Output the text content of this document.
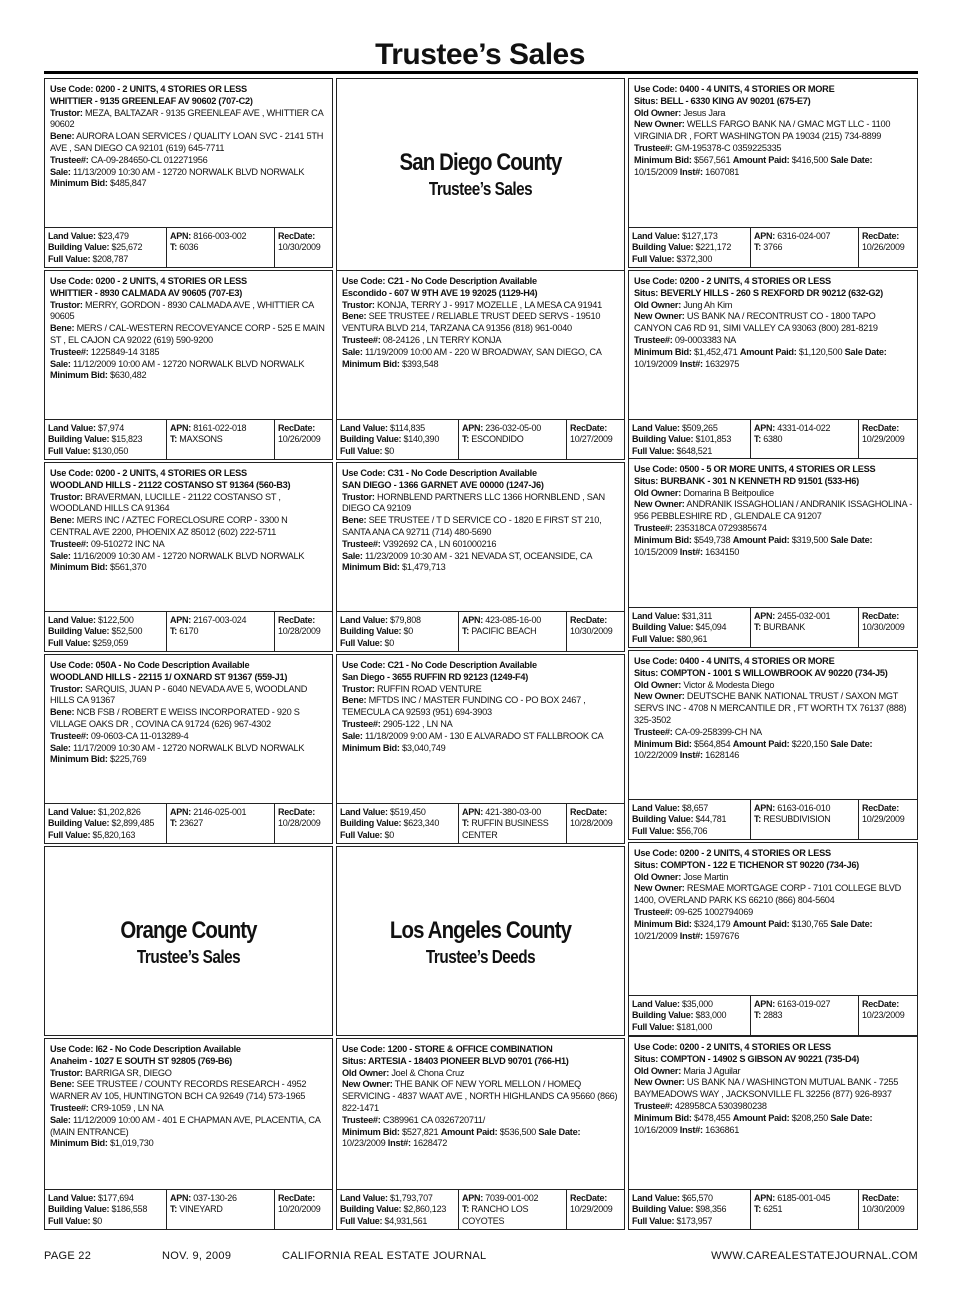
Trustee’s Sales
Use Code: 0200 - 2 UNITS, 4 STORIES OR LESS
WHITTIER - 9135 GREENLEAF AV 90602 (707-C2)
Trustor: MEZA, BALTAZAR - 9135 GREENLEAF AVE , WHITTIER CA 90602
Bene: AURORA LOAN SERVICES / QUALITY LOAN SVC - 2141 5TH AVE , SAN DIEGO CA 92101 (619) 645-7711
Trustee#: CA-09-284650-CL 012271956
Sale: 11/13/2009 10:30 AM - 12720 NORWALK BLVD NORWALK
Minimum Bid: $485,847
Land Value: $23,479
Building Value: $25,672
Full Value: $208,787
APN: 8166-003-002
T: 6036
RecDate:
10/30/2009
Use Code: 0200 - 2 UNITS, 4 STORIES OR LESS
WHITTIER - 8930 CALMADA AV 90605 (707-E3)
Trustor: MERRY, GORDON - 8930 CALMADA AVE , WHITTIER CA 90605
Bene: MERS / CAL-WESTERN RECOVEYANCE CORP - 525 E MAIN ST , EL CAJON CA 92022 (619) 590-9200
Trustee#: 1225849-14 3185
Sale: 11/12/2009 10:00 AM - 12720 NORWALK BLVD NORWALK
Minimum Bid: $630,482
Land Value: $7,974
Building Value: $15,823
Full Value: $130,050
APN: 8161-022-018
T: MAXSONS
RecDate:
10/26/2009
Use Code: 0200 - 2 UNITS, 4 STORIES OR LESS
WOODLAND HILLS - 21122 COSTANSO ST 91364 (560-B3)
Trustor: BRAVERMAN, LUCILLE - 21122 COSTANSO ST , WOODLAND HILLS CA 91364
Bene: MERS INC / AZTEC FORECLOSURE CORP - 3300 N CENTRAL AVE 2200, PHOENIX AZ 85012 (602) 222-5711
Trustee#: 09-510272 INC NA
Sale: 11/16/2009 10:30 AM - 12720 NORWALK BLVD NORWALK
Minimum Bid: $561,370
Land Value: $122,500
Building Value: $52,500
Full Value: $259,059
APN: 2167-003-024
T: 6170
RecDate:
10/28/2009
Use Code: 050A - No Code Description Available
WOODLAND HILLS - 22115 1/ OXNARD ST 91367 (559-J1)
Trustor: SARQUIS, JUAN P - 6040 NEVADA AVE 5, WOODLAND HILLS CA 91367
Bene: NCB FSB / ROBERT E WEISS INCORPORATED - 920 S VILLAGE OAKS DR , COVINA CA 91724 (626) 967-4302
Trustee#: 09-0603-CA 11-013289-4
Sale: 11/17/2009 10:30 AM - 12720 NORWALK BLVD NORWALK
Minimum Bid: $225,769
Land Value: $1,202,826
Building Value: $2,899,485
Full Value: $5,820,163
APN: 2146-025-001
T: 23627
RecDate:
10/28/2009
Orange County
Trustee’s Sales
Use Code: I62 - No Code Description Available
Anaheim - 1027 E SOUTH ST 92805 (769-B6)
Trustor: BARRIGA SR, DIEGO
Bene: SEE TRUSTEE / COUNTY RECORDS RESEARCH - 4952 WARNER AV 105, HUNTINGTON BCH CA 92649 (714) 573-1965
Trustee#: CR9-1059 , LN NA
Sale: 11/12/2009 10:00 AM - 401 E CHAPMAN AVE, PLACENTIA, CA (MAIN ENTRANCE)
Minimum Bid: $1,019,730
Land Value: $177,694
Building Value: $186,558
Full Value: $0
APN: 037-130-26
T: VINEYARD
RecDate:
10/20/2009
San Diego County
Trustee’s Sales
Use Code: C21 - No Code Description Available
Escondido - 607 W 9TH AVE 19 92025 (1129-H4)
Trustor: KONJA, TERRY J - 9917 MOZELLE , LA MESA CA 91941
Bene: SEE TRUSTEE / RELIABLE TRUST DEED SERVS - 19510 VENTURA BLVD 214, TARZANA CA 91356 (818) 961-0040
Trustee#: 08-24126 , LN TERRY KONJA
Sale: 11/19/2009 10:00 AM - 220 W BROADWAY, SAN DIEGO, CA
Minimum Bid: $393,548
Land Value: $114,835
Building Value: $140,390
Full Value: $0
APN: 236-032-05-00
T: ESCONDIDO
RecDate:
10/27/2009
Use Code: C31 - No Code Description Available
SAN DIEGO - 1366 GARNET AVE 00000 (1247-J6)
Trustor: HORNBLEND PARTNERS LLC 1366 HORNBLEND , SAN DIEGO CA 92109
Bene: SEE TRUSTEE / T D SERVICE CO - 1820 E FIRST ST 210, SANTA ANA CA 92711 (714) 480-5690
Trustee#: V392692 CA , LN 601000216
Sale: 11/23/2009 10:30 AM - 321 NEVADA ST, OCEANSIDE, CA
Minimum Bid: $1,479,713
Land Value: $79,808
Building Value: $0
Full Value: $0
APN: 423-085-16-00
T: PACIFIC BEACH
RecDate:
10/30/2009
Use Code: C21 - No Code Description Available
San Diego - 3655 RUFFIN RD 92123 (1249-F4)
Trustor: RUFFIN ROAD VENTURE
Bene: MFTDS INC / MASTER FUNDING CO - PO BOX 2467 , TEMECULA CA 92593 (951) 694-3903
Trustee#: 2905-122 , LN NA
Sale: 11/18/2009 9:00 AM - 130 E ALVARADO ST FALLBROOK CA
Minimum Bid: $3,040,749
Land Value: $519,450
Building Value: $623,340
Full Value: $0
APN: 421-380-03-00
T: RUFFIN BUSINESS CENTER
RecDate:
10/28/2009
Los Angeles County
Trustee’s Deeds
Use Code: 1200 - STORE & OFFICE COMBINATION
Situs: ARTESIA - 18403 PIONEER BLVD 90701 (766-H1)
Old Owner: Joel & Chona Cruz
New Owner: THE BANK OF NEW YORL MELLON / HOMEQ SERVICING - 4837 WAAT AVE , NORTH HIGHLANDS CA 95660 (866) 822-1471
Trustee#: C389961 CA 0326720711/
Minimum Bid: $527,821 Amount Paid: $536,500 Sale Date: 10/23/2009 Inst#: 1628472
Land Value: $1,793,707
Building Value: $2,860,123
Full Value: $4,931,561
APN: 7039-001-002
T: RANCHO LOS COYOTES
RecDate:
10/29/2009
Use Code: 0400 - 4 UNITS, 4 STORIES OR MORE
Situs: BELL - 6330 KING AV 90201 (675-E7)
Old Owner: Jesus Jara
New Owner: WELLS FARGO BANK NA / GMAC MGT LLC - 1100 VIRGINIA DR , FORT WASHINGTON PA 19034 (215) 734-8899
Trustee#: GM-195378-C 0359225335
Minimum Bid: $567,561 Amount Paid: $416,500 Sale Date: 10/15/2009 Inst#: 1607081
Land Value: $127,173
Building Value: $221,172
Full Value: $372,300
APN: 6316-024-007
T: 3766
RecDate:
10/26/2009
Use Code: 0200 - 2 UNITS, 4 STORIES OR LESS
Situs: BEVERLY HILLS - 260 S REXFORD DR 90212 (632-G2)
Old Owner: Jung Ah Kim
New Owner: US BANK NA / RECONTRUST CO - 1800 TAPO CANYON CA6 RD 91, SIMI VALLEY CA 93063 (800) 281-8219
Trustee#: 09-0003383 NA
Minimum Bid: $1,452,471 Amount Paid: $1,120,500 Sale Date: 10/19/2009 Inst#: 1632975
Land Value: $509,265
Building Value: $101,853
Full Value: $648,521
APN: 4331-014-022
T: 6380
RecDate:
10/29/2009
Use Code: 0500 - 5 OR MORE UNITS, 4 STORIES OR LESS
Situs: BURBANK - 301 N KENNETH RD 91501 (533-H6)
Old Owner: Domarina B Beitpoulice
New Owner: ANDRANIK ISSAGHOLIAN / ANDRANIK ISSAGHOLINA - 956 PEBBLESHIRE RD , GLENDALE CA 91207
Trustee#: 235318CA 0729385674
Minimum Bid: $549,738 Amount Paid: $319,500 Sale Date: 10/15/2009 Inst#: 1634150
Land Value: $31,311
Building Value: $45,094
Full Value: $80,961
APN: 2455-032-001
T: BURBANK
RecDate:
10/30/2009
Use Code: 0400 - 4 UNITS, 4 STORIES OR MORE
Situs: COMPTON - 1001 S WILLOWBROOK AV 90220 (734-J5)
Old Owner: Victor & Modesta Diego
New Owner: DEUTSCHE BANK NATIONAL TRUST / SAXON MGT SERVS INC - 4708 N MERCANTILE DR , FT WORTH TX 76137 (888) 325-3502
Trustee#: CA-09-258399-CH NA
Minimum Bid: $564,854 Amount Paid: $220,150 Sale Date: 10/22/2009 Inst#: 1628146
Land Value: $8,657
Building Value: $44,781
Full Value: $56,706
APN: 6163-016-010
T: RESUBDIVISION
RecDate:
10/29/2009
Use Code: 0200 - 2 UNITS, 4 STORIES OR LESS
Situs: COMPTON - 122 E TICHENOR ST 90220 (734-J6)
Old Owner: Jose Martin
New Owner: RESMAE MORTGAGE CORP - 7101 COLLEGE BLVD 1400, OVERLAND PARK KS 66210 (866) 804-5604
Trustee#: 09-625 1002794069
Minimum Bid: $324,179 Amount Paid: $130,765 Sale Date: 10/21/2009 Inst#: 1597676
Land Value: $35,000
Building Value: $83,000
Full Value: $181,000
APN: 6163-019-027
T: 2883
RecDate:
10/23/2009
Use Code: 0200 - 2 UNITS, 4 STORIES OR LESS
Situs: COMPTON - 14902 S GIBSON AV 90221 (735-D4)
Old Owner: Maria J Aguilar
New Owner: US BANK NA / WASHINGTON MUTUAL BANK - 7255 BAYMEADOWS WAY , JACKSONVILLE FL 32256 (877) 926-8937
Trustee#: 428958CA 5303980238
Minimum Bid: $478,455 Amount Paid: $208,250 Sale Date: 10/16/2009 Inst#: 1636861
Land Value: $65,570
Building Value: $98,356
Full Value: $173,957
APN: 6185-001-045
T: 6251
RecDate:
10/30/2009
PAGE 22	NOV. 9, 2009	CALIFORNIA REAL ESTATE JOURNAL	WWW.CAREALESTATEJOURNAL.COM
